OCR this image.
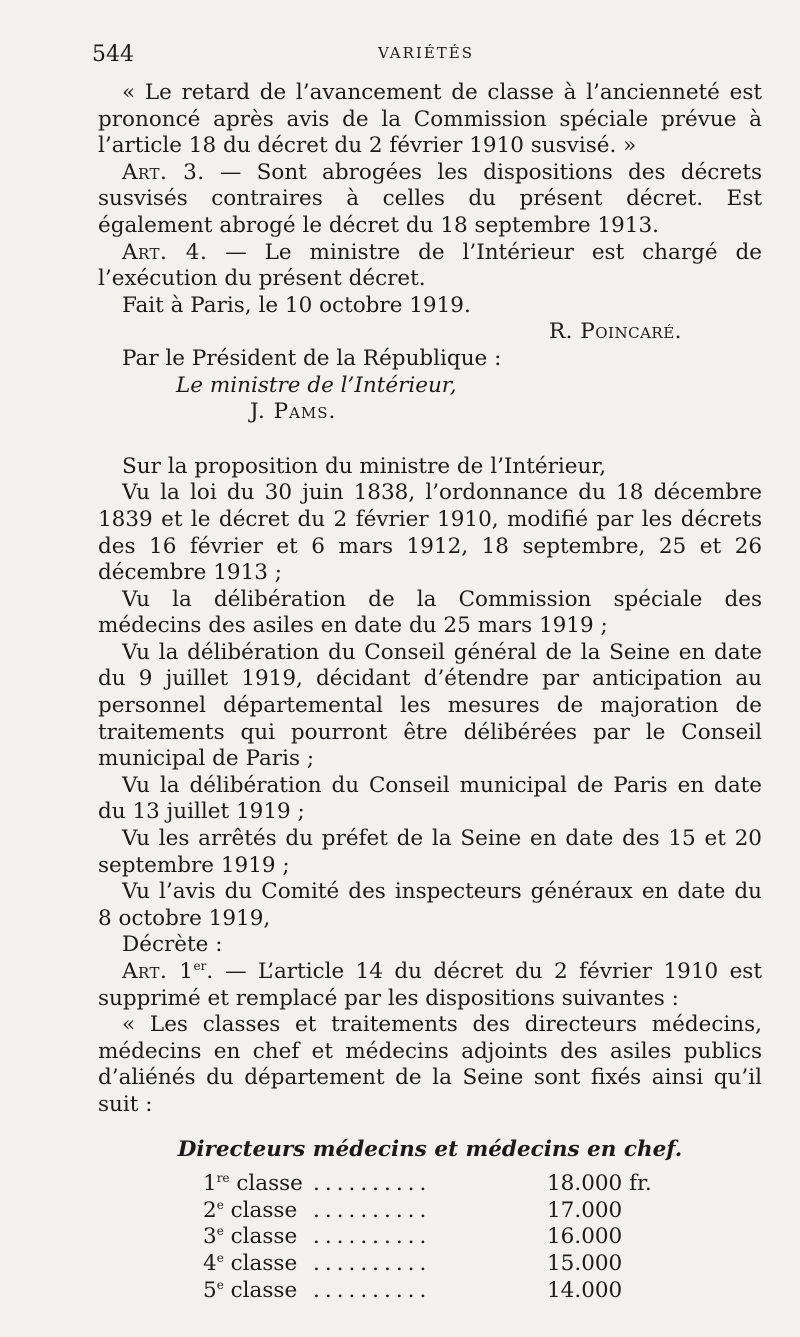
544	VARIÉTÉS

« Le retard de l’avancement de classe à l’ancienneté est prononcé après avis de la Commission spéciale prévue à l’article 18 du décret du 2 février 1910 susvisé. »

Art. 3. — Sont abrogées les dispositions des décrets susvisés contraires à celles du présent décret. Est également abrogé le décret du 18 septembre 1913.

Art. 4. — Le ministre de l’Intérieur est chargé de l’exécution du présent décret.

Fait à Paris, le 10 octobre 1919.

R. Poincaré.

Par le Président de la République :

Le ministre de l’Intérieur,

J. Pams.

Sur la proposition du ministre de l’Intérieur,

Vu la loi du 30 juin 1838, l’ordonnance du 18 décembre 1839 et le décret du 2 février 1910, modifié par les décrets des 16 février et 6 mars 1912, 18 septembre, 25 et 26 décembre 1913 ;

Vu la délibération de la Commission spéciale des médecins des asiles en date du 25 mars 1919 ;

Vu la délibération du Conseil général de la Seine en date du 9 juillet 1919, décidant d’étendre par anticipation au personnel départemental les mesures de majoration de traitements qui pourront être délibérées par le Conseil municipal de Paris ;

Vu la délibération du Conseil municipal de Paris en date du 13 juillet 1919 ;

Vu les arrêtés du préfet de la Seine en date des 15 et 20 septembre 1919 ;

Vu l’avis du Comité des inspecteurs généraux en date du 8 octobre 1919,

Décrète :

Art. 1er. — L’article 14 du décret du 2 février 1910 est supprimé et remplacé par les dispositions suivantes :

« Les classes et traitements des directeurs médecins, médecins en chef et médecins adjoints des asiles publics d’aliénés du département de la Seine sont fixés ainsi qu’il suit :

Directeurs médecins et médecins en chef.

1re classe	..........	18.000 fr.
2e classe	..........	17.000
3e classe	..........	16.000
4e classe	..........	15.000
5e classe	..........	14.000
